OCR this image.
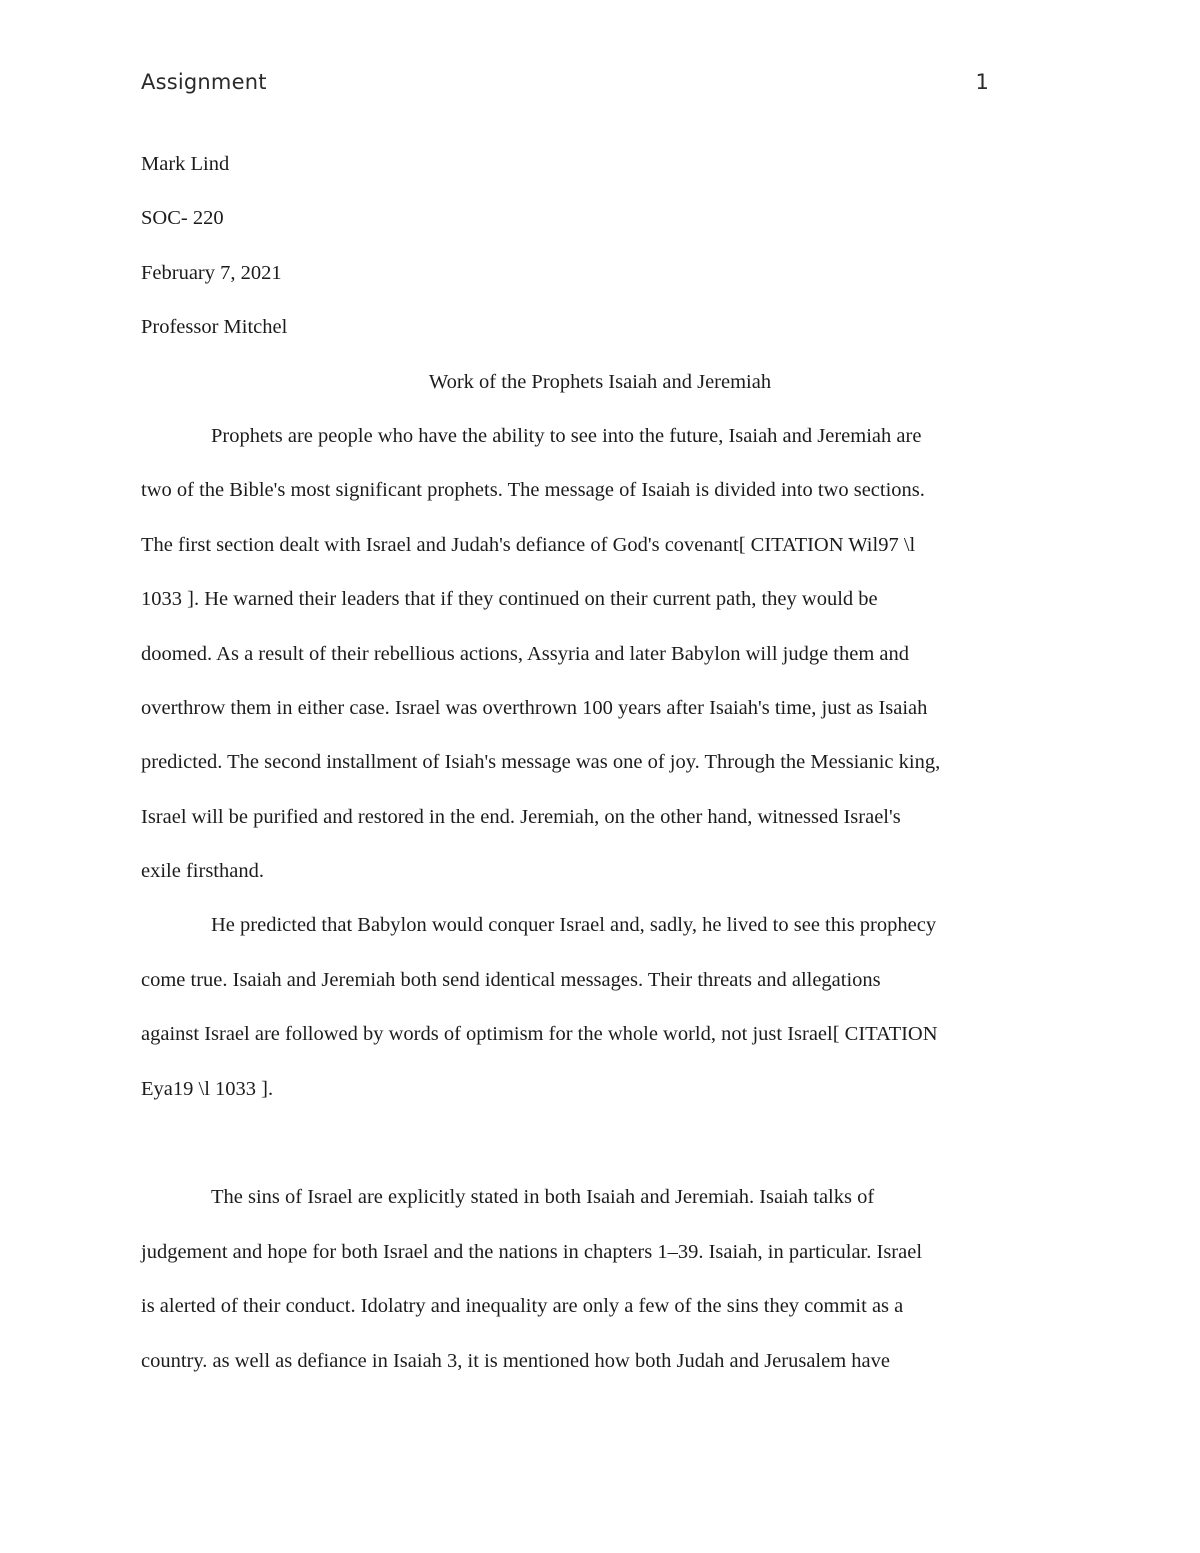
Assignment	1
Mark Lind
SOC- 220
February 7, 2021
Professor Mitchel
Work of the Prophets Isaiah and Jeremiah
Prophets are people who have the ability to see into the future, Isaiah and Jeremiah are
two of the Bible's most significant prophets. The message of Isaiah is divided into two sections.
The first section dealt with Israel and Judah's defiance of God's covenant[ CITATION Wil97 \l
1033 ]. He warned their leaders that if they continued on their current path, they would be
doomed. As a result of their rebellious actions, Assyria and later Babylon will judge them and
overthrow them in either case. Israel was overthrown 100 years after Isaiah's time, just as Isaiah
predicted. The second installment of Isiah's message was one of joy. Through the Messianic king,
Israel will be purified and restored in the end. Jeremiah, on the other hand, witnessed Israel's
exile firsthand.
He predicted that Babylon would conquer Israel and, sadly, he lived to see this prophecy
come true. Isaiah and Jeremiah both send identical messages. Their threats and allegations
against Israel are followed by words of optimism for the whole world, not just Israel[ CITATION
Eya19 \l 1033 ].
The sins of Israel are explicitly stated in both Isaiah and Jeremiah. Isaiah talks of
judgement and hope for both Israel and the nations in chapters 1–39. Isaiah, in particular. Israel
is alerted of their conduct. Idolatry and inequality are only a few of the sins they commit as a
country. as well as defiance in Isaiah 3, it is mentioned how both Judah and Jerusalem have
